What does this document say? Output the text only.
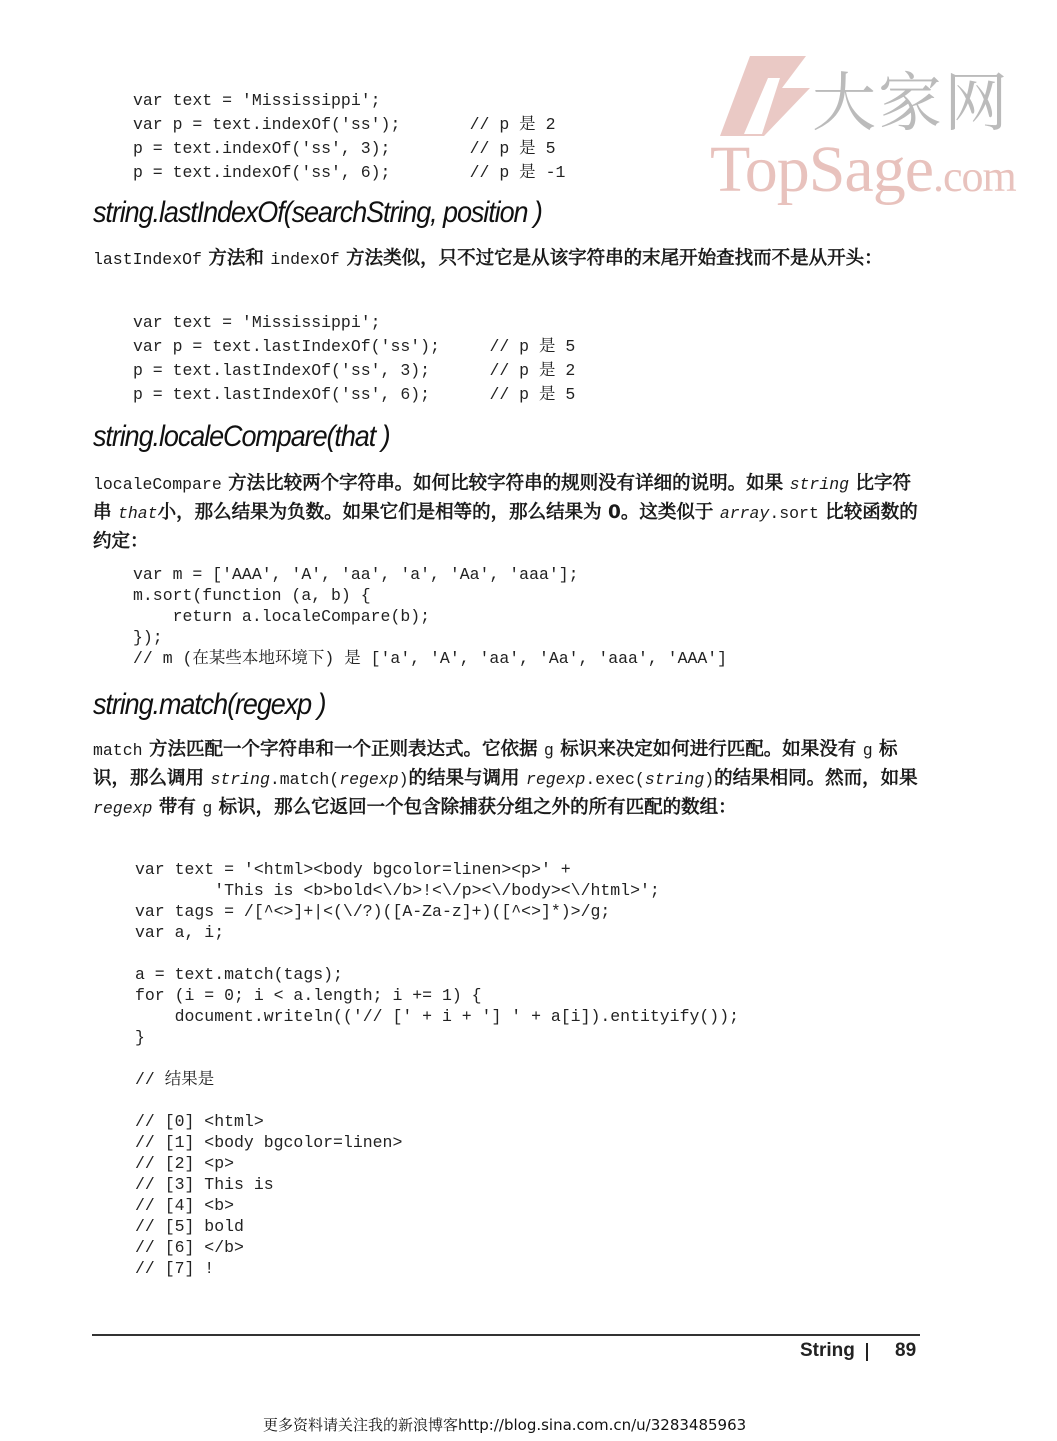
大家网
TopSage.com
var text = 'Mississippi';
var p = text.indexOf('ss');       // p 是 2
p = text.indexOf('ss', 3);        // p 是 5
p = text.indexOf('ss', 6);        // p 是 -1
string.lastIndexOf(searchString, position )

lastIndexOf 方法和 indexOf 方法类似，只不过它是从该字符串的末尾开始查找而不是从开头：

var text = 'Mississippi';
var p = text.lastIndexOf('ss');     // p 是 5
p = text.lastIndexOf('ss', 3);      // p 是 2
p = text.lastIndexOf('ss', 6);      // p 是 5
string.localeCompare(that )

localeCompare 方法比较两个字符串。如何比较字符串的规则没有详细的说明。如果 string 比字符串 that小，那么结果为负数。如果它们是相等的，那么结果为 0。这类似于 array.sort 比较函数的约定：

var m = ['AAA', 'A', 'aa', 'a', 'Aa', 'aaa'];
m.sort(function (a, b) {
return a.localeCompare(b);
});
// m (在某些本地环境下) 是 ['a', 'A', 'aa', 'Aa', 'aaa', 'AAA']
string.match(regexp )

match 方法匹配一个字符串和一个正则表达式。它依据 g 标识来决定如何进行匹配。如果没有 g 标识，那么调用 string.match(regexp)的结果与调用 regexp.exec(string)的结果相同。然而，如果 regexp 带有 g 标识，那么它返回一个包含除捕获分组之外的所有匹配的数组：

var text = '<html><body bgcolor=linen><p>' +
'This is <b>bold<\/b>!<\/p><\/body><\/html>';
var tags = /[^<>]+|<(\/?)([A-Za-z]+)([^<>]*)>/g;
var a, i;

a = text.match(tags);
for (i = 0; i < a.length; i += 1) {
document.writeln(('// [' + i + '] ' + a[i]).entityify());
}

// 结果是

// [0] <html>
// [1] <body bgcolor=linen>
// [2] <p>
// [3] This is
// [4] <b>
// [5] bold
// [6] </b>
// [7] !
String 89
更多资料请关注我的新浪博客http://blog.sina.com.cn/u/3283485963
